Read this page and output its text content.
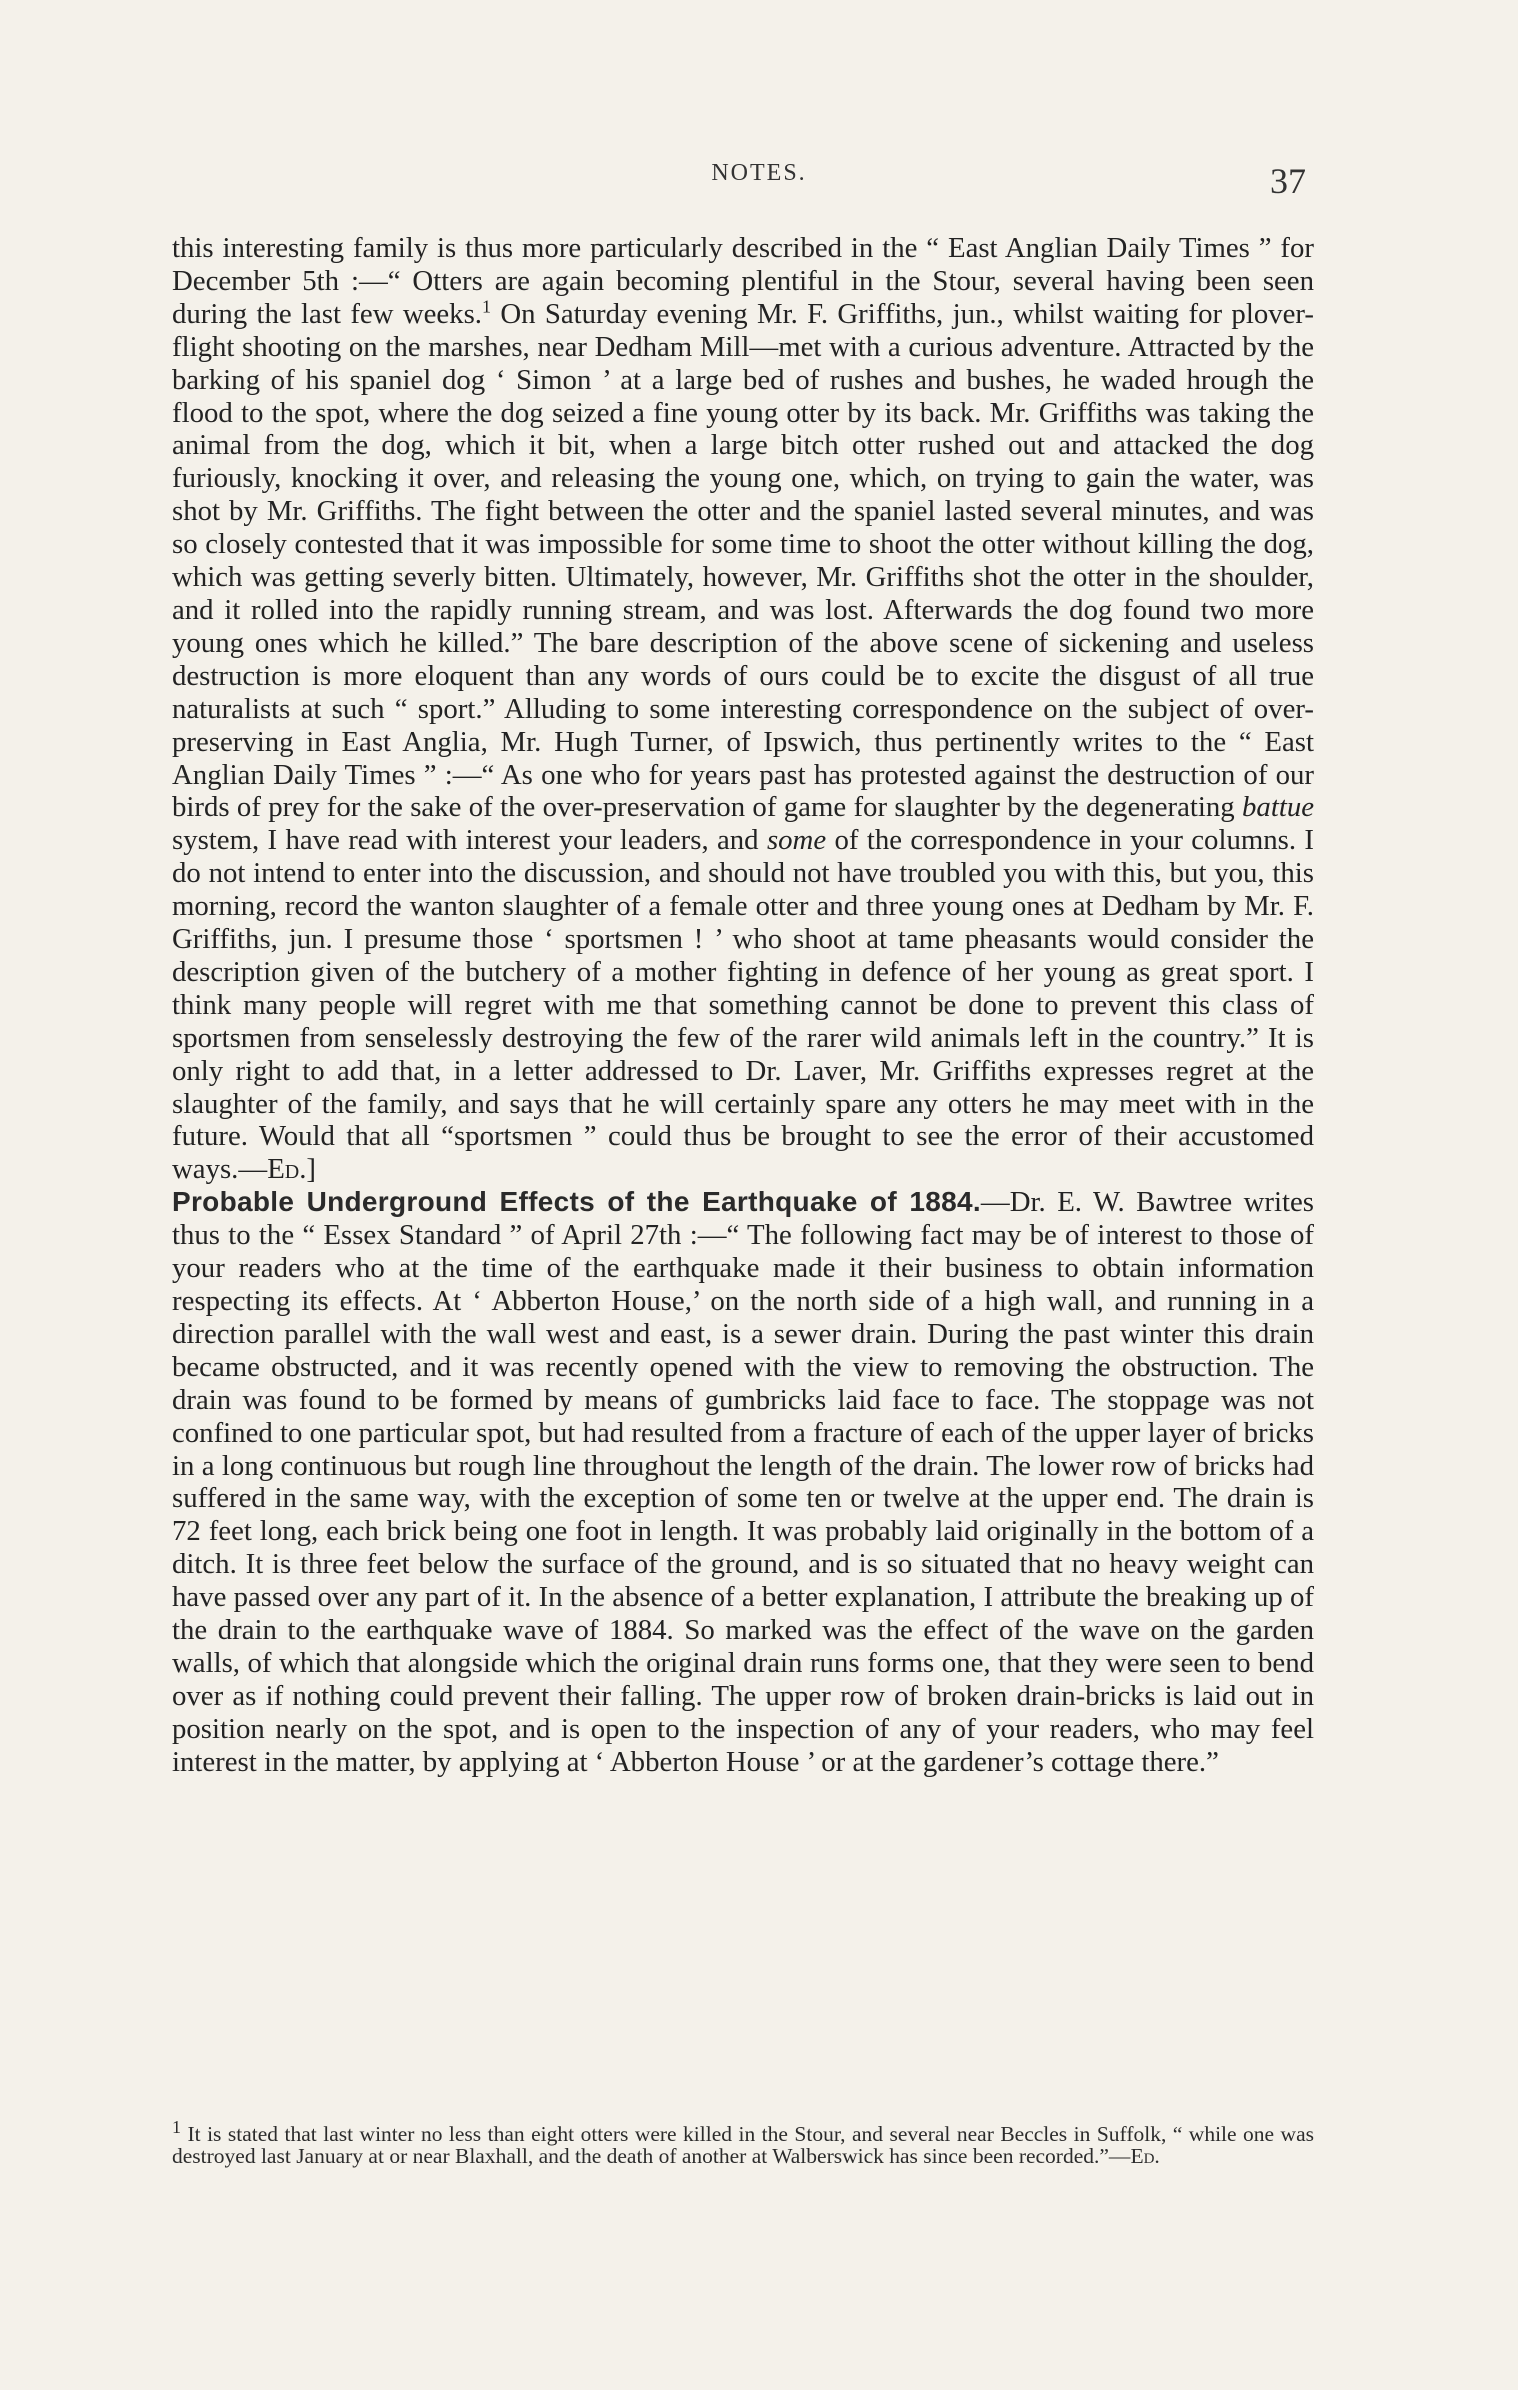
NOTES.	37

this interesting family is thus more particularly described in the “ East Anglian Daily Times ” for December 5th :—“ Otters are again becoming plentiful in the Stour, several having been seen during the last few weeks.$^1$ On Saturday evening Mr. F. Griffiths, jun., whilst waiting for plover-flight shooting on the marshes, near Dedham Mill—met with a curious adventure. Attracted by the barking of his spaniel dog ‘ Simon ’ at a large bed of rushes and bushes, he waded hrough the flood to the spot, where the dog seized a fine young otter by its back. Mr. Griffiths was taking the animal from the dog, which it bit, when a large bitch otter rushed out and attacked the dog furiously, knocking it over, and releasing the young one, which, on trying to gain the water, was shot by Mr. Griffiths. The fight between the otter and the spaniel lasted several minutes, and was so closely contested that it was impossible for some time to shoot the otter without killing the dog, which was getting severly bitten. Ultimately, however, Mr. Griffiths shot the otter in the shoulder, and it rolled into the rapidly running stream, and was lost. Afterwards the dog found two more young ones which he killed.” The bare description of the above scene of sickening and useless destruction is more eloquent than any words of ours could be to excite the disgust of all true naturalists at such “ sport.” Alluding to some interesting correspondence on the subject of over-preserving in East Anglia, Mr. Hugh Turner, of Ipswich, thus pertinently writes to the “ East Anglian Daily Times ” :—“ As one who for years past has protested against the destruction of our birds of prey for the sake of the over-preservation of game for slaughter by the degenerating battue system, I have read with interest your leaders, and some of the correspondence in your columns. I do not intend to enter into the discussion, and should not have troubled you with this, but you, this morning, record the wanton slaughter of a female otter and three young ones at Dedham by Mr. F. Griffiths, jun. I presume those ‘ sportsmen ! ’ who shoot at tame pheasants would consider the description given of the butchery of a mother fighting in defence of her young as great sport. I think many people will regret with me that something cannot be done to prevent this class of sportsmen from senselessly destroying the few of the rarer wild animals left in the country.” It is only right to add that, in a letter addressed to Dr. Laver, Mr. Griffiths expresses regret at the slaughter of the family, and says that he will certainly spare any otters he may meet with in the future. Would that all “sportsmen ” could thus be brought to see the error of their accustomed ways.—Ed.]

Probable Underground Effects of the Earthquake of 1884.—Dr. E. W. Bawtree writes thus to the “ Essex Standard ” of April 27th :—“ The following fact may be of interest to those of your readers who at the time of the earthquake made it their business to obtain information respecting its effects. At ‘ Abberton House,’ on the north side of a high wall, and running in a direction parallel with the wall west and east, is a sewer drain. During the past winter this drain became obstructed, and it was recently opened with the view to removing the obstruction. The drain was found to be formed by means of gumbricks laid face to face. The stoppage was not confined to one particular spot, but had resulted from a fracture of each of the upper layer of bricks in a long continuous but rough line throughout the length of the drain. The lower row of bricks had suffered in the same way, with the exception of some ten or twelve at the upper end. The drain is 72 feet long, each brick being one foot in length. It was probably laid originally in the bottom of a ditch. It is three feet below the surface of the ground, and is so situated that no heavy weight can have passed over any part of it. In the absence of a better explanation, I attribute the breaking up of the drain to the earthquake wave of 1884. So marked was the effect of the wave on the garden walls, of which that alongside which the original drain runs forms one, that they were seen to bend over as if nothing could prevent their falling. The upper row of broken drain-bricks is laid out in position nearly on the spot, and is open to the inspection of any of your readers, who may feel interest in the matter, by applying at ‘ Abberton House ’ or at the gardener’s cottage there.”

$^1$ It is stated that last winter no less than eight otters were killed in the Stour, and several near Beccles in Suffolk, “ while one was destroyed last January at or near Blaxhall, and the death of another at Walberswick has since been recorded.”—Ed.
